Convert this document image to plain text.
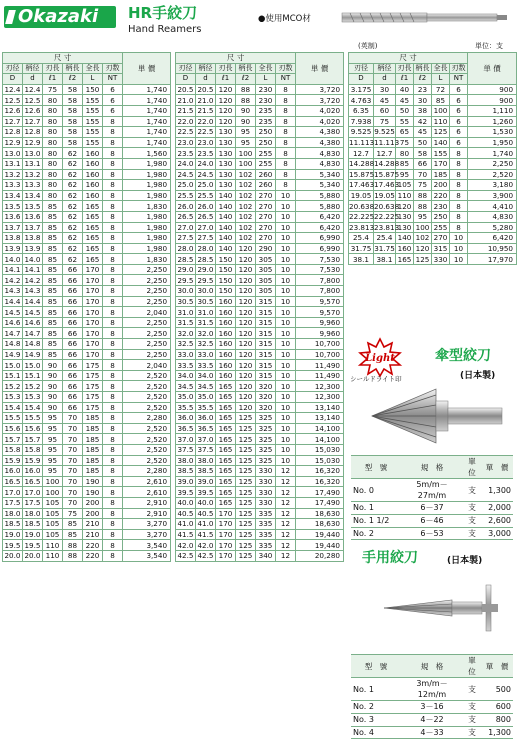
Okazaki	HR手絞刀
Hand Reamers
●使用MCO材
尺 寸						単 價
刃径	柄径	刃長	柄長	全長	刃数	
D	d	ℓ1	ℓ2	L	NT	
12.4	12.4	75	58	150	6	1,740
12.5	12.5	80	58	155	6	1,740
12.6	12.6	80	58	155	6	1,740
12.7	12.7	80	58	155	8	1,740
12.8	12.8	80	58	155	8	1,740
12.9	12.9	80	58	155	8	1,740
13.0	13.0	80	62	160	8	1,560
13.1	13.1	80	62	160	8	1,980
13.2	13.2	80	62	160	8	1,980
13.3	13.3	80	62	160	8	1,980
13.4	13.4	80	62	160	8	1,980
13.5	13.5	85	62	165	8	1,830
13.6	13.6	85	62	165	8	1,980
13.7	13.7	85	62	165	8	1,980
13.8	13.8	85	62	165	8	1,980
13.9	13.9	85	62	165	8	1,980
14.0	14.0	85	62	165	8	1,830
14.1	14.1	85	66	170	8	2,250
14.2	14.2	85	66	170	8	2,250
14.3	14.3	85	66	170	8	2,250
14.4	14.4	85	66	170	8	2,250
14.5	14.5	85	66	170	8	2,040
14.6	14.6	85	66	170	8	2,250
14.7	14.7	85	66	170	8	2,250
14.8	14.8	85	66	170	8	2,250
14.9	14.9	85	66	170	8	2,250
15.0	15.0	90	66	175	8	2,040
15.1	15.1	90	66	175	8	2,520
15.2	15.2	90	66	175	8	2,520
15.3	15.3	90	66	175	8	2,520
15.4	15.4	90	66	175	8	2,520
15.5	15.5	95	70	185	8	2,280
15.6	15.6	95	70	185	8	2,520
15.7	15.7	95	70	185	8	2,520
15.8	15.8	95	70	185	8	2,520
15.9	15.9	95	70	185	8	2,520
16.0	16.0	95	70	185	8	2,280
16.5	16.5	100	70	190	8	2,610
17.0	17.0	100	70	190	8	2,610
17.5	17.5	105	70	200	8	2,910
18.0	18.0	105	75	200	8	2,910
18.5	18.5	105	85	210	8	3,270
19.0	19.0	105	85	210	8	3,270
19.5	19.5	110	88	220	8	3,540
20.0	20.0	110	88	220	8	3,540
尺 寸						単 價
刃径	柄径	刃長	柄長	全長	刃数	
D	d	ℓ1	ℓ2	L	NT	
20.5	20.5	120	88	230	8	3,720
21.0	21.0	120	88	230	8	3,720
21.5	21.5	120	90	235	8	4,020
22.0	22.0	120	90	235	8	4,020
22.5	22.5	130	95	250	8	4,380
23.0	23.0	130	95	250	8	4,380
23.5	23.5	130	100	255	8	4,830
24.0	24.0	130	100	255	8	4,830
24.5	24.5	130	102	260	8	5,340
25.0	25.0	130	102	260	8	5,340
25.5	25.5	140	102	270	10	5,880
26.0	26.0	140	102	270	10	5,880
26.5	26.5	140	102	270	10	6,420
27.0	27.0	140	102	270	10	6,420
27.5	27.5	140	102	270	10	6,990
28.0	28.0	140	120	290	10	6,990
28.5	28.5	150	120	305	10	7,530
29.0	29.0	150	120	305	10	7,530
29.5	29.5	150	120	305	10	7,800
30.0	30.0	150	120	305	10	7,800
30.5	30.5	160	120	315	10	9,570
31.0	31.0	160	120	315	10	9,570
31.5	31.5	160	120	315	10	9,960
32.0	32.0	160	120	315	10	9,960
32.5	32.5	160	120	315	10	10,700
33.0	33.0	160	120	315	10	10,700
33.5	33.5	160	120	315	10	11,490
34.0	34.0	160	120	315	10	11,490
34.5	34.5	165	120	320	10	12,300
35.0	35.0	165	120	320	10	12,300
35.5	35.5	165	120	320	10	13,140
36.0	36.0	165	125	325	10	13,140
36.5	36.5	165	125	325	10	14,100
37.0	37.0	165	125	325	10	14,100
37.5	37.5	165	125	325	10	15,030
38.0	38.0	165	125	325	10	15,030
38.5	38.5	165	125	330	12	16,320
39.0	39.0	165	125	330	12	16,320
39.5	39.5	165	125	330	12	17,490
40.0	40.0	165	125	330	12	17,490
40.5	40.5	170	125	335	12	18,630
41.0	41.0	170	125	335	12	18,630
41.5	41.5	170	125	335	12	19,440
42.0	42.0	170	125	335	12	19,440
42.5	42.5	170	125	340	12	20,280
(英制)	単位：支
尺 寸						単 價
刃径	柄径	刃長	柄長	全長	刃数	
D	d	ℓ1	ℓ2	L	NT	
3.175	30	40	23	72	6	900
4.763	45	45	30	85	6	900
6.35	60	50	38	100	6	1,110
7.938	75	55	42	110	6	1,260
9.525	9.525	65	45	125	6	1,530
11.113	11.113	75	50	140	6	1,950
12.7	12.7	80	58	155	8	1,740
14.288	14.288	85	66	170	8	2,250
15.875	15.875	95	70	185	8	2,520
17.463	17.463	105	75	200	8	3,180
19.05	19.05	110	88	220	8	3,900
20.638	20.638	120	88	230	8	4,410
22.225	22.225	130	95	250	8	4,830
23.813	23.813	130	100	255	8	5,280
25.4	25.4	140	102	270	10	6,420
31.75	31.75	160	120	315	10	10,950
38.1	38.1	165	125	330	10	17,970
Light
シールドライト印
傘型絞刀
(日本製)
型　號	規　格	單位	單　價
No. 0	5m/m－27m/m	支	1,300
No. 1	6－37	支	2,000
No. 1 1/2	6－46	支	2,600
No. 2	6－53	支	3,000
手用絞刀	(日本製)
型　號	規　格	單位	單　價
No. 1	3m/m－12m/m	支	500
No. 2	3－16	支	600
No. 3	4－22	支	800
No. 4	4－33	支	1,300
